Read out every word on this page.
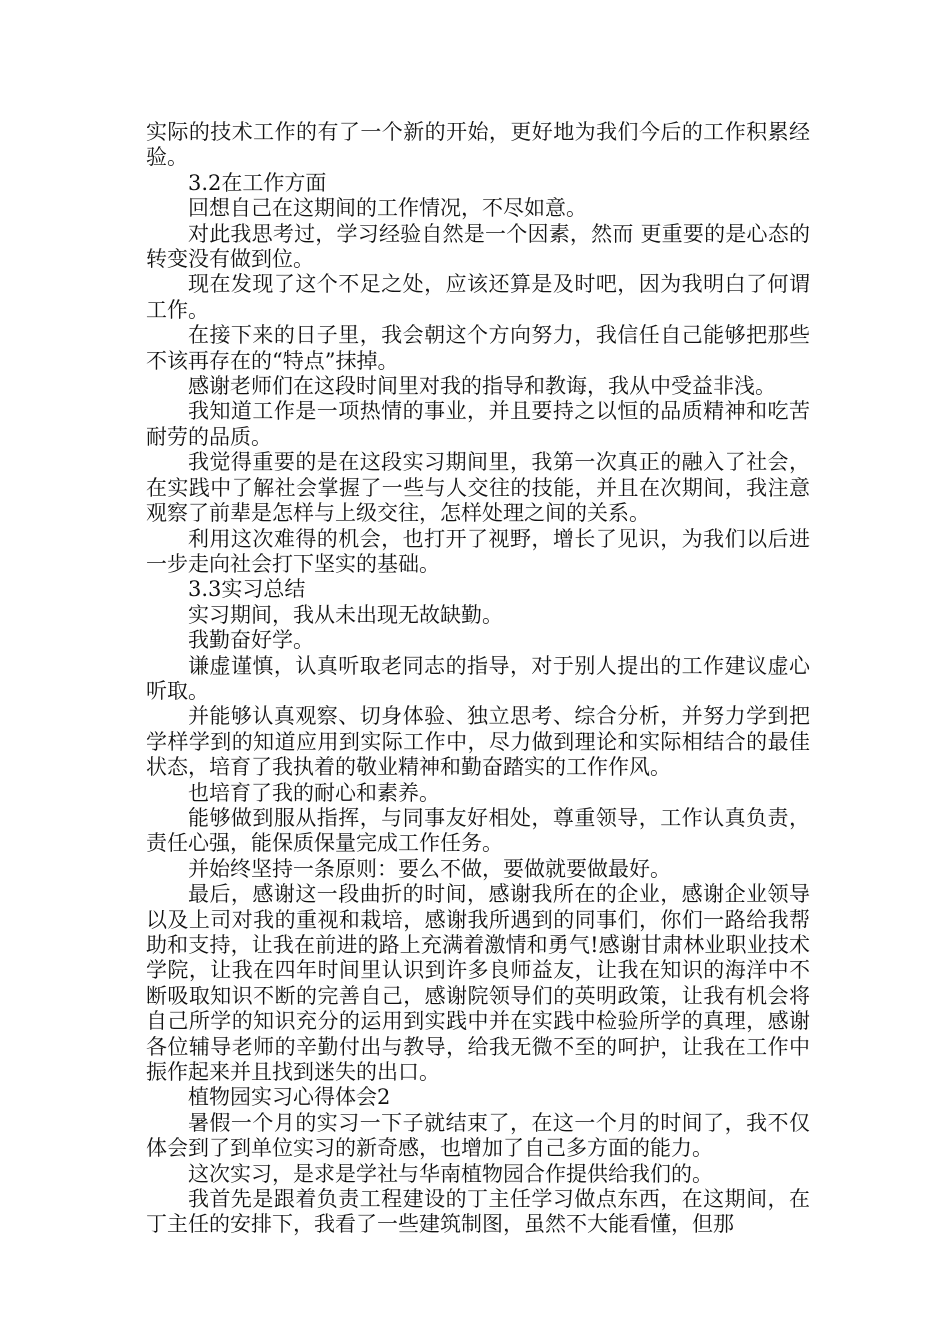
实际的技术工作的有了一个新的开始，更好地为我们今后的工作积累经验。

3.2在工作方面

回想自己在这期间的工作情况，不尽如意。

对此我思考过，学习经验自然是一个因素，然而 更重要的是心态的转变没有做到位。

现在发现了这个不足之处，应该还算是及时吧，因为我明白了何谓工作。

在接下来的日子里，我会朝这个方向努力，我信任自己能够把那些不该再存在的“特点”抹掉。

感谢老师们在这段时间里对我的指导和教诲，我从中受益非浅。

我知道工作是一项热情的事业，并且要持之以恒的品质精神和吃苦耐劳的品质。

我觉得重要的是在这段实习期间里，我第一次真正的融入了社会，在实践中了解社会掌握了一些与人交往的技能，并且在次期间，我注意观察了前辈是怎样与上级交往，怎样处理之间的关系。

利用这次难得的机会，也打开了视野，增长了见识，为我们以后进一步走向社会打下坚实的基础。

3.3实习总结

实习期间，我从未出现无故缺勤。

我勤奋好学。

谦虚谨慎，认真听取老同志的指导，对于别人提出的工作建议虚心听取。

并能够认真观察、切身体验、独立思考、综合分析，并努力学到把学样学到的知道应用到实际工作中，尽力做到理论和实际相结合的最佳状态，培育了我执着的敬业精神和勤奋踏实的工作作风。

也培育了我的耐心和素养。

能够做到服从指挥，与同事友好相处，尊重领导，工作认真负责，责任心强，能保质保量完成工作任务。

并始终坚持一条原则：要么不做，要做就要做最好。

最后，感谢这一段曲折的时间，感谢我所在的企业，感谢企业领导以及上司对我的重视和栽培，感谢我所遇到的同事们，你们一路给我帮助和支持，让我在前进的路上充满着激情和勇气!感谢甘肃林业职业技术学院，让我在四年时间里认识到许多良师益友，让我在知识的海洋中不断吸取知识不断的完善自己，感谢院领导们的英明政策，让我有机会将自己所学的知识充分的运用到实践中并在实践中检验所学的真理，感谢各位辅导老师的辛勤付出与教导，给我无微不至的呵护，让我在工作中振作起来并且找到迷失的出口。

植物园实习心得体会2

暑假一个月的实习一下子就结束了，在这一个月的时间了，我不仅体会到了到单位实习的新奇感，也增加了自己多方面的能力。

这次实习，是求是学社与华南植物园合作提供给我们的。

我首先是跟着负责工程建设的丁主任学习做点东西，在这期间，在丁主任的安排下，我看了一些建筑制图，虽然不大能看懂，但那
